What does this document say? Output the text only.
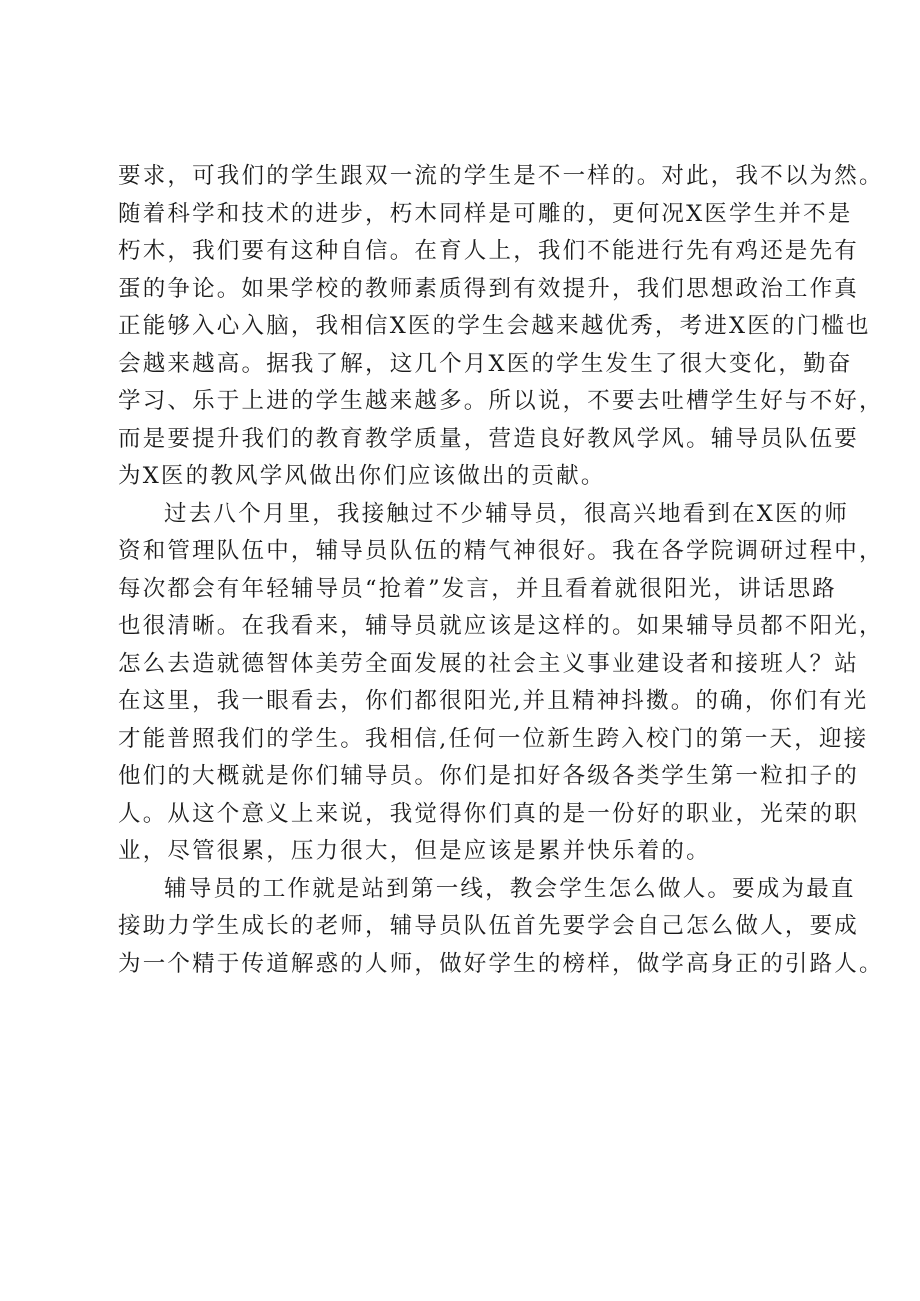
要求，可我们的学生跟双一流的学生是不一样的。对此，我不以为然。
随着科学和技术的进步，朽木同样是可雕的，更何况X医学生并不是
朽木，我们要有这种自信。在育人上，我们不能进行先有鸡还是先有
蛋的争论。如果学校的教师素质得到有效提升，我们思想政治工作真
正能够入心入脑，我相信X医的学生会越来越优秀，考进X医的门槛也
会越来越高。据我了解，这几个月X医的学生发生了很大变化，勤奋
学习、乐于上进的学生越来越多。所以说，不要去吐槽学生好与不好，
而是要提升我们的教育教学质量，营造良好教风学风。辅导员队伍要
为X医的教风学风做出你们应该做出的贡献。
过去八个月里，我接触过不少辅导员，很高兴地看到在X医的师
资和管理队伍中，辅导员队伍的精气神很好。我在各学院调研过程中，
每次都会有年轻辅导员“抢着”发言，并且看着就很阳光，讲话思路
也很清晰。在我看来，辅导员就应该是这样的。如果辅导员都不阳光，
怎么去造就德智体美劳全面发展的社会主义事业建设者和接班人？站
在这里，我一眼看去，你们都很阳光,并且精神抖擞。的确，你们有光
才能普照我们的学生。我相信,任何一位新生跨入校门的第一天，迎接
他们的大概就是你们辅导员。你们是扣好各级各类学生第一粒扣子的
人。从这个意义上来说，我觉得你们真的是一份好的职业，光荣的职
业，尽管很累，压力很大，但是应该是累并快乐着的。
辅导员的工作就是站到第一线，教会学生怎么做人。要成为最直
接助力学生成长的老师，辅导员队伍首先要学会自己怎么做人，要成
为一个精于传道解惑的人师，做好学生的榜样，做学高身正的引路人。
